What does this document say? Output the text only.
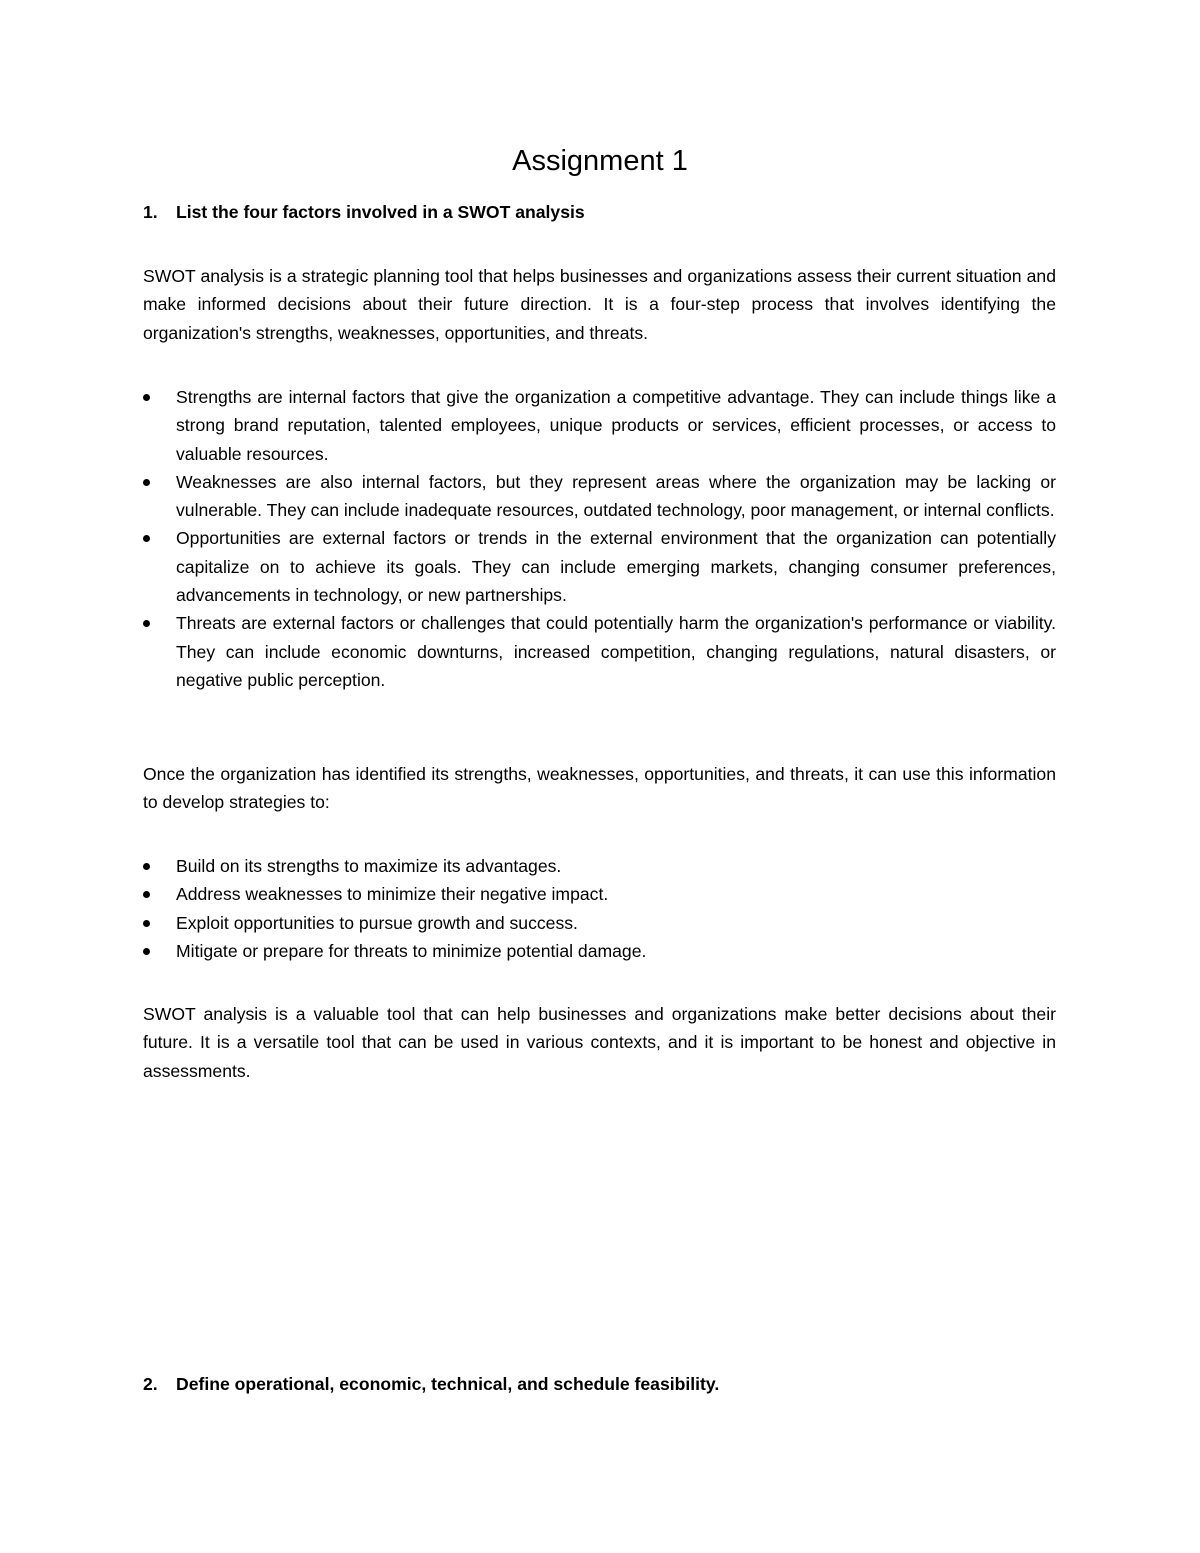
Assignment 1

1. List the four factors involved in a SWOT analysis

SWOT analysis is a strategic planning tool that helps businesses and organizations assess their current situation and make informed decisions about their future direction. It is a four-step process that involves identifying the organization's strengths, weaknesses, opportunities, and threats.

Strengths are internal factors that give the organization a competitive advantage. They can include things like a strong brand reputation, talented employees, unique products or services, efficient processes, or access to valuable resources.
Weaknesses are also internal factors, but they represent areas where the organization may be lacking or vulnerable. They can include inadequate resources, outdated technology, poor management, or internal conflicts.
Opportunities are external factors or trends in the external environment that the organization can potentially capitalize on to achieve its goals. They can include emerging markets, changing consumer preferences, advancements in technology, or new partnerships.
Threats are external factors or challenges that could potentially harm the organization's performance or viability. They can include economic downturns, increased competition, changing regulations, natural disasters, or negative public perception.

Once the organization has identified its strengths, weaknesses, opportunities, and threats, it can use this information to develop strategies to:

Build on its strengths to maximize its advantages.
Address weaknesses to minimize their negative impact.
Exploit opportunities to pursue growth and success.
Mitigate or prepare for threats to minimize potential damage.

SWOT analysis is a valuable tool that can help businesses and organizations make better decisions about their future. It is a versatile tool that can be used in various contexts, and it is important to be honest and objective in assessments.

2. Define operational, economic, technical, and schedule feasibility.
